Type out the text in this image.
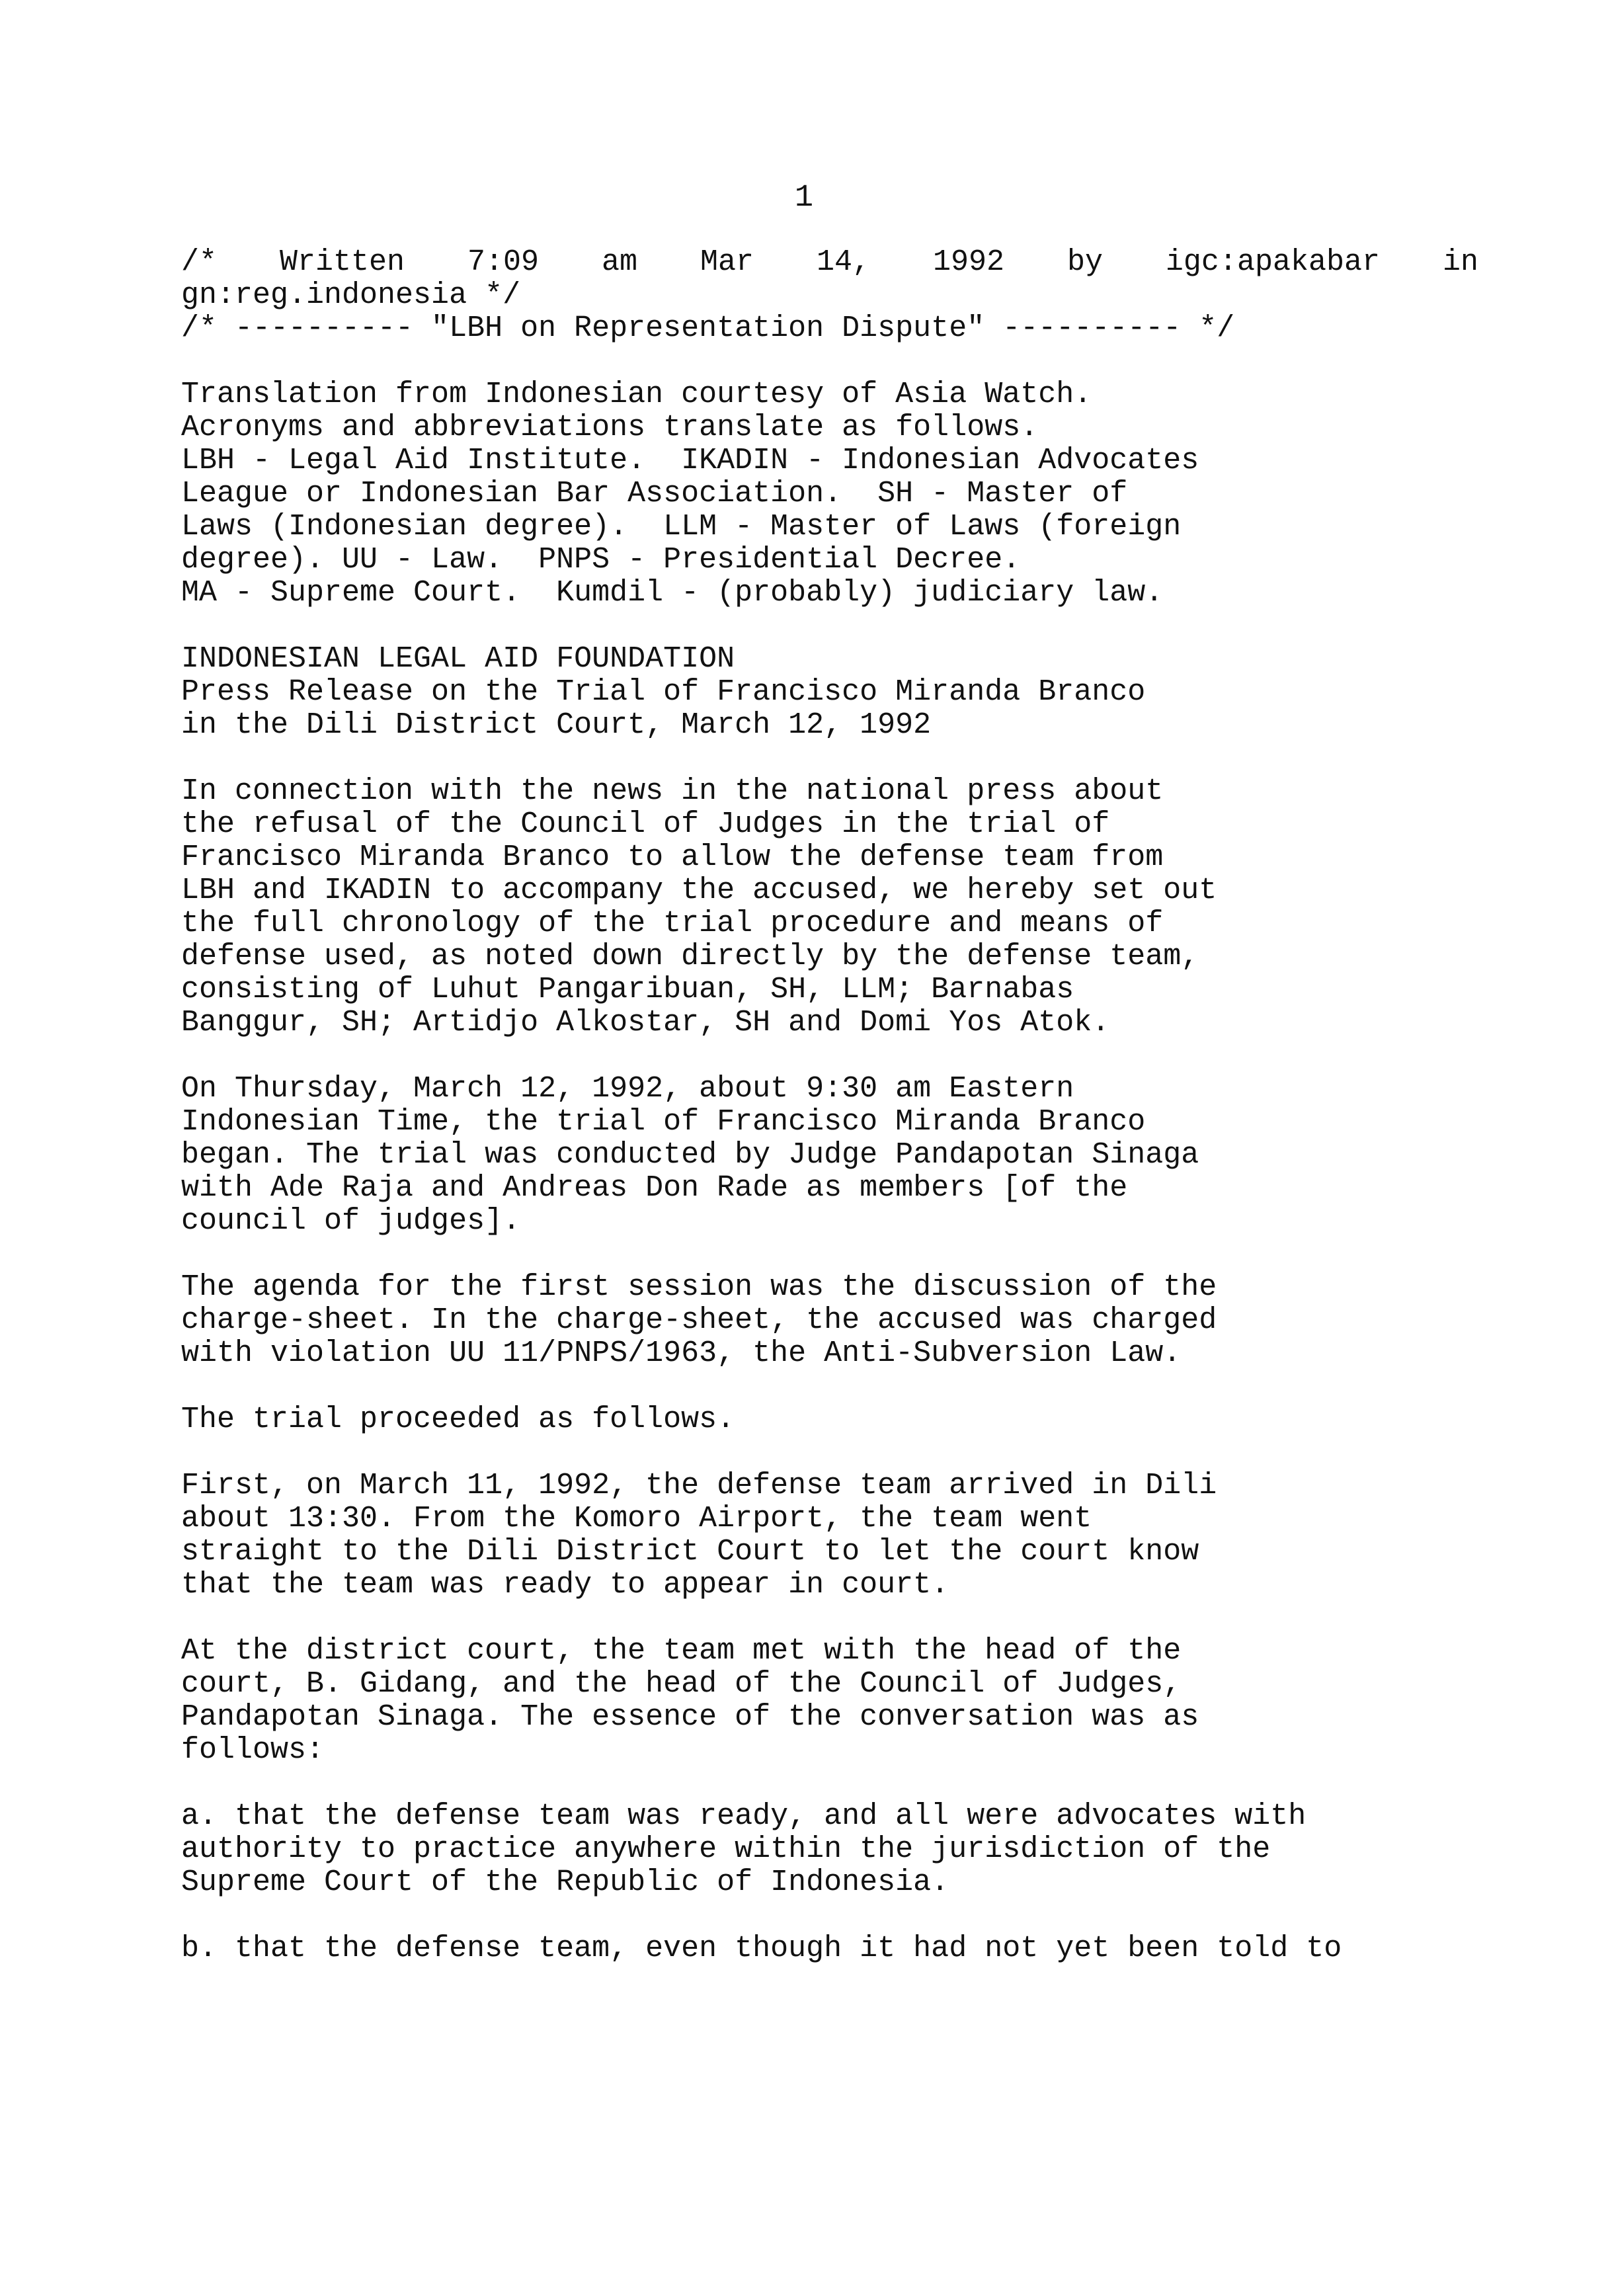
1
/* Written 7:09 am Mar 14, 1992 by igc:apakabar in
gn:reg.indonesia */
/* ---------- "LBH on Representation Dispute" ---------- */
Translation from Indonesian courtesy of Asia Watch.
Acronyms and abbreviations translate as follows.
LBH - Legal Aid Institute.  IKADIN - Indonesian Advocates
League or Indonesian Bar Association.  SH - Master of
Laws (Indonesian degree).  LLM - Master of Laws (foreign
degree). UU - Law.  PNPS - Presidential Decree.
MA - Supreme Court.  Kumdil - (probably) judiciary law.
INDONESIAN LEGAL AID FOUNDATION
Press Release on the Trial of Francisco Miranda Branco
in the Dili District Court, March 12, 1992
In connection with the news in the national press about
the refusal of the Council of Judges in the trial of
Francisco Miranda Branco to allow the defense team from
LBH and IKADIN to accompany the accused, we hereby set out
the full chronology of the trial procedure and means of
defense used, as noted down directly by the defense team,
consisting of Luhut Pangaribuan, SH, LLM; Barnabas
Banggur, SH; Artidjo Alkostar, SH and Domi Yos Atok.
On Thursday, March 12, 1992, about 9:30 am Eastern
Indonesian Time, the trial of Francisco Miranda Branco
began. The trial was conducted by Judge Pandapotan Sinaga
with Ade Raja and Andreas Don Rade as members [of the
council of judges].
The agenda for the first session was the discussion of the
charge-sheet. In the charge-sheet, the accused was charged
with violation UU 11/PNPS/1963, the Anti-Subversion Law.
The trial proceeded as follows.
First, on March 11, 1992, the defense team arrived in Dili
about 13:30. From the Komoro Airport, the team went
straight to the Dili District Court to let the court know
that the team was ready to appear in court.
At the district court, the team met with the head of the
court, B. Gidang, and the head of the Council of Judges,
Pandapotan Sinaga. The essence of the conversation was as
follows:
a. that the defense team was ready, and all were advocates with
authority to practice anywhere within the jurisdiction of the
Supreme Court of the Republic of Indonesia.
b. that the defense team, even though it had not yet been told to
